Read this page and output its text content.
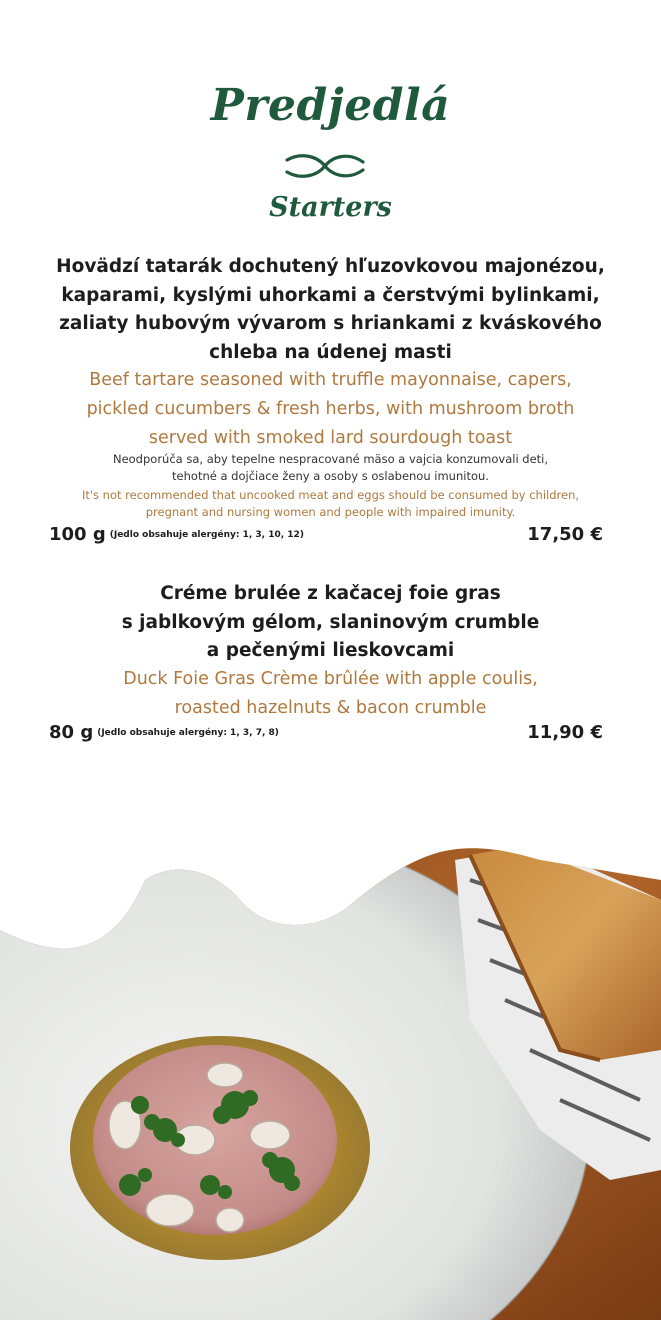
Predjedlá
Starters
Hovädzí tatarák dochutený hľuzovkovou majonézou,
kaparami, kyslými uhorkami a čerstvými bylinkami,
zaliaty hubovým vývarom s hriankami z kváskového
chleba na údenej masti
Beef tartare seasoned with truffle mayonnaise, capers,
pickled cucumbers & fresh herbs, with mushroom broth
served with smoked lard sourdough toast
Neodporúča sa, aby tepelne nespracované mäso a vajcia konzumovali deti,
tehotné a dojčiace ženy a osoby s oslabenou imunitou.
It's not recommended that uncooked meat and eggs should be consumed by children,
pregnant and nursing women and people with impaired imunity.
100 g (Jedlo obsahuje alergény: 1, 3, 10, 12)	17,50 €
Créme brulée z kačacej foie gras
s jablkovým gélom, slaninovým crumble
a pečenými lieskovcami
Duck Foie Gras Crème brûlée with apple coulis,
roasted hazelnuts & bacon crumble
80 g (Jedlo obsahuje alergény: 1, 3, 7, 8)	11,90 €
